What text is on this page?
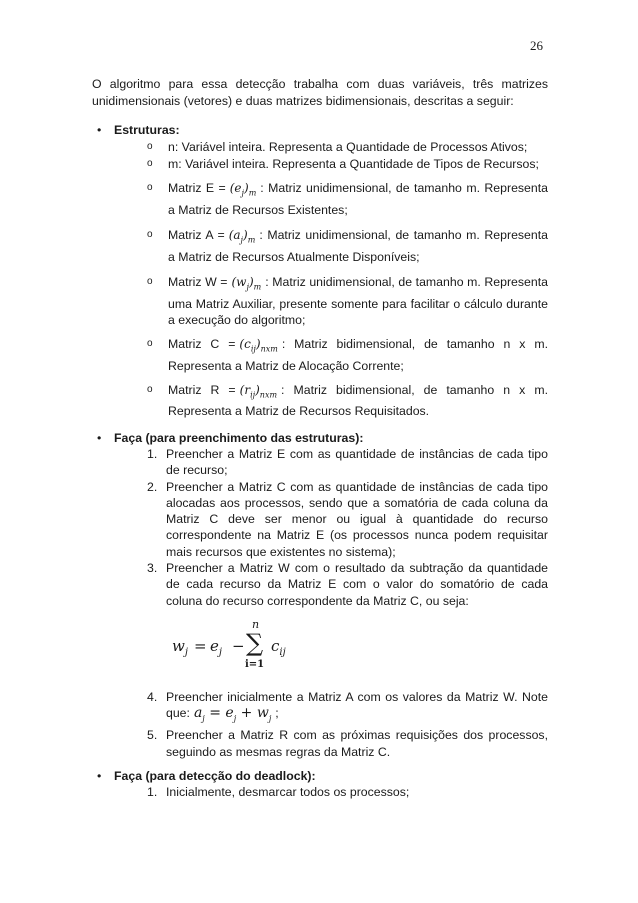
26
O algoritmo para essa detecção trabalha com duas variáveis, três matrizes unidimensionais (vetores) e duas matrizes bidimensionais, descritas a seguir:
• Estruturas:
o n: Variável inteira. Representa a Quantidade de Processos Ativos;
o m: Variável inteira. Representa a Quantidade de Tipos de Recursos;
o Matriz $E = (e_j)_m$ : Matriz unidimensional, de tamanho m. Representa a Matriz de Recursos Existentes;
o Matriz $A = (a_j)_m$ : Matriz unidimensional, de tamanho m. Representa a Matriz de Recursos Atualmente Disponíveis;
o Matriz $W = (w_j)_m$ : Matriz unidimensional, de tamanho m. Representa uma Matriz Auxiliar, presente somente para facilitar o cálculo durante a execução do algoritmo;
o Matriz $C = (c_{ij})_{nxm}$ : Matriz bidimensional, de tamanho n x m. Representa a Matriz de Alocação Corrente;
o Matriz $R = (r_{ij})_{nxm}$ : Matriz bidimensional, de tamanho n x m. Representa a Matriz de Recursos Requisitados.
• Faça (para preenchimento das estruturas):
1. Preencher a Matriz E com as quantidade de instâncias de cada tipo de recurso;
2. Preencher a Matriz C com as quantidade de instâncias de cada tipo alocadas aos processos, sendo que a somatória de cada coluna da Matriz C deve ser menor ou igual à quantidade do recurso correspondente na Matriz E (os processos nunca podem requisitar mais recursos que existentes no sistema);
3. Preencher a Matriz W com o resultado da subtração da quantidade de cada recurso da Matriz E com o valor do somatório de cada coluna do recurso correspondente da Matriz C, ou seja:
$w_j = e_j$ −
n
∑
i=1
$c_{ij}$
4. Preencher inicialmente a Matriz A com os valores da Matriz W. Note que: $a_j = e_j + w_j$ ;
5. Preencher a Matriz R com as próximas requisições dos processos, seguindo as mesmas regras da Matriz C.
• Faça (para detecção do deadlock):
1. Inicialmente, desmarcar todos os processos;
